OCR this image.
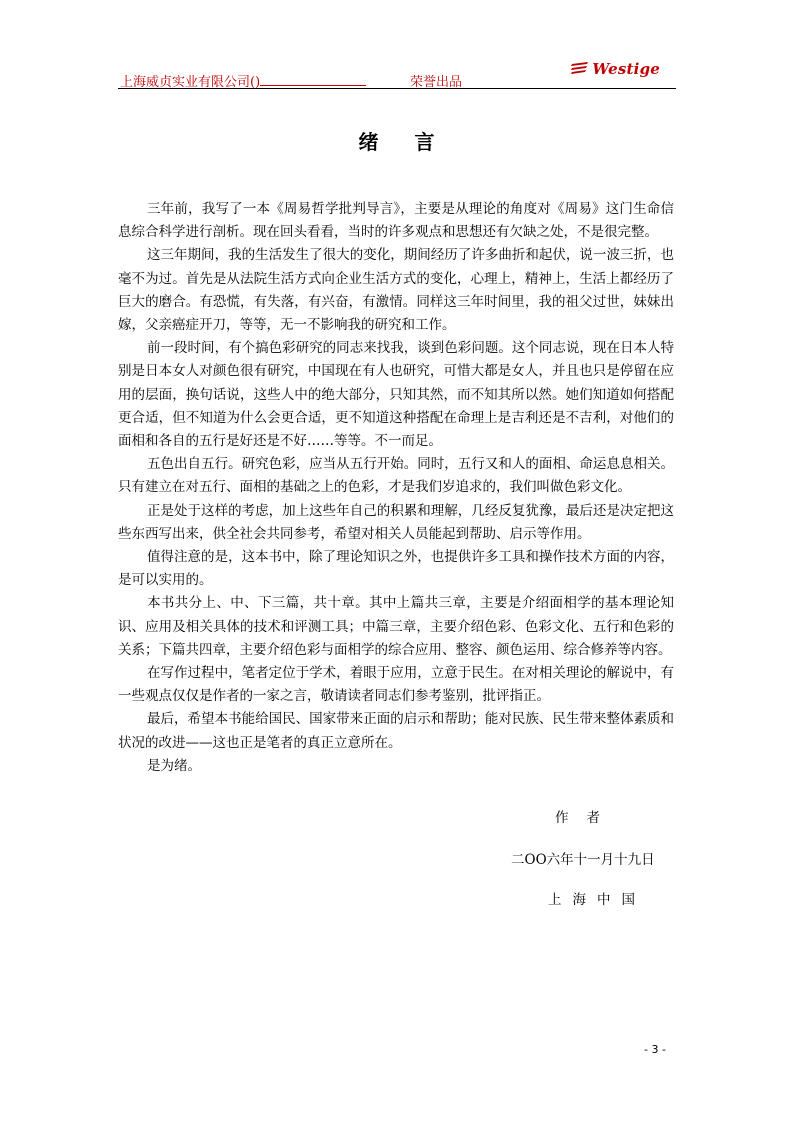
上海威贞实业有限公司()	荣誉出品
Westige
绪言

三年前，我写了一本《周易哲学批判导言》，主要是从理论的角度对《周易》这门生命信息综合科学进行剖析。现在回头看看，当时的许多观点和思想还有欠缺之处，不是很完整。

这三年期间，我的生活发生了很大的变化，期间经历了许多曲折和起伏，说一波三折，也毫不为过。首先是从法院生活方式向企业生活方式的变化，心理上，精神上，生活上都经历了巨大的磨合。有恐慌，有失落，有兴奋，有激情。同样这三年时间里，我的祖父过世，妹妹出嫁，父亲癌症开刀，等等，无一不影响我的研究和工作。

前一段时间，有个搞色彩研究的同志来找我，谈到色彩问题。这个同志说，现在日本人特别是日本女人对颜色很有研究，中国现在有人也研究，可惜大都是女人，并且也只是停留在应用的层面，换句话说，这些人中的绝大部分，只知其然，而不知其所以然。她们知道如何搭配更合适，但不知道为什么会更合适，更不知道这种搭配在命理上是吉利还是不吉利，对他们的面相和各自的五行是好还是不好……等等。不一而足。

五色出自五行。研究色彩，应当从五行开始。同时，五行又和人的面相、命运息息相关。只有建立在对五行、面相的基础之上的色彩，才是我们岁追求的，我们叫做色彩文化。

正是处于这样的考虑，加上这些年自己的积累和理解，几经反复犹豫，最后还是决定把这些东西写出来，供全社会共同参考，希望对相关人员能起到帮助、启示等作用。

值得注意的是，这本书中，除了理论知识之外，也提供许多工具和操作技术方面的内容，是可以实用的。

本书共分上、中、下三篇，共十章。其中上篇共三章，主要是介绍面相学的基本理论知识、应用及相关具体的技术和评测工具；中篇三章，主要介绍色彩、色彩文化、五行和色彩的关系；下篇共四章，主要介绍色彩与面相学的综合应用、整容、颜色运用、综合修养等内容。

在写作过程中，笔者定位于学术，着眼于应用，立意于民生。在对相关理论的解说中，有一些观点仅仅是作者的一家之言，敬请读者同志们参考鉴别，批评指正。

最后，希望本书能给国民、国家带来正面的启示和帮助；能对民族、民生带来整体素质和状况的改进——这也正是笔者的真正立意所在。

是为绪。

作者
二OO六年十一月十九日
上海中国
- 3 -
